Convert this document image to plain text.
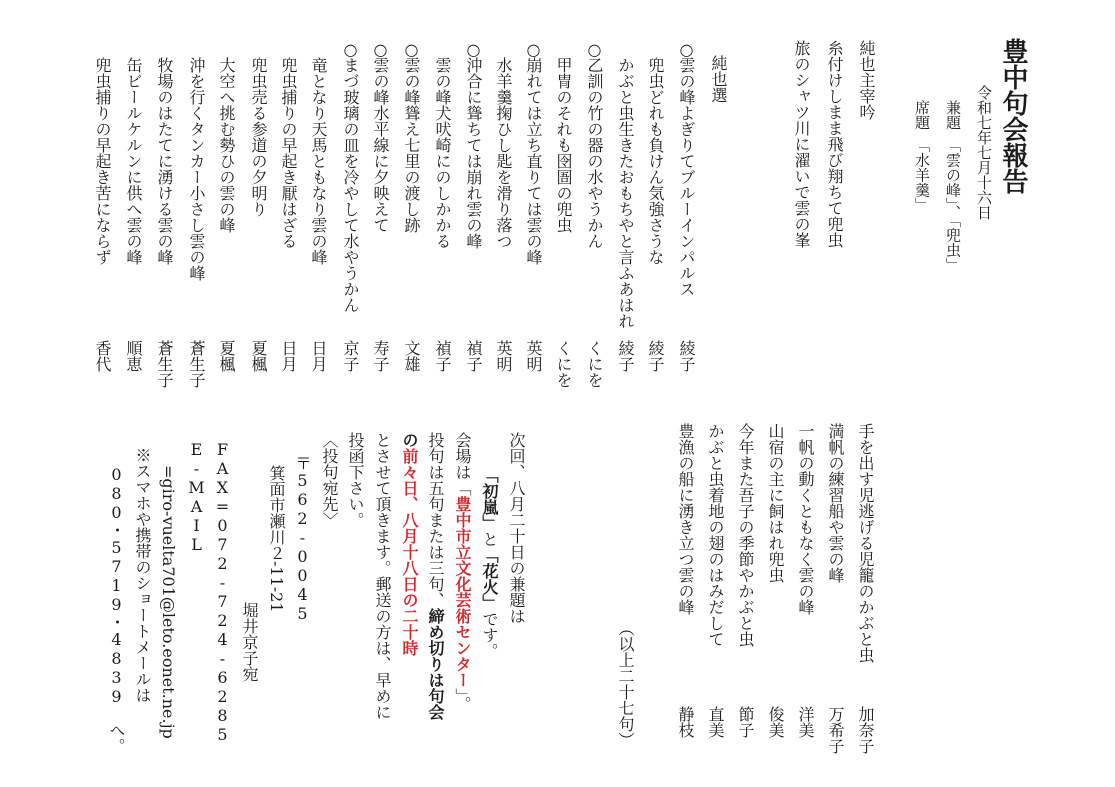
豊中句会報告
令和七年七月十六日
兼題　「雲の峰」、「兜虫」
席題　「水羊羹」
純也主宰吟
糸付けしまま飛び翔ちて兜虫
旅のシャツ川に濯いで雲の峯
純也選
○
雲の峰よぎりてブルーインパルス
綾子
兜虫どれも負けん気強さうな
綾子
かぶと虫生きたおもちやと言ふあはれ
綾子
○
乙訓の竹の器の水やうかん
くにを
甲冑のそれも囹圄の兜虫
くにを
○
崩れては立ち直りては雲の峰
英明
水羊羹掬ひし匙を滑り落つ
英明
○
沖合に聳ちては崩れ雲の峰
禎子
雲の峰犬吠崎にのしかかる
禎子
○
雲の峰聳え七里の渡し跡
文雄
○
雲の峰水平線に夕映えて
寿子
○
まづ玻璃の皿を冷やして水やうかん
京子
竜となり天馬ともなり雲の峰
日月
兜虫捕りの早起き厭はざる
日月
兜虫売る参道の夕明り
夏楓
大空へ挑む勢ひの雲の峰
夏楓
沖を行くタンカー小さし雲の峰
蒼生子
牧場のはたてに湧ける雲の峰
蒼生子
缶ビールケルンに供へ雲の峰
順恵
兜虫捕りの早起き苦にならず
香代
手を出す児逃げる児籠のかぶと虫
加奈子
満帆の練習船や雲の峰
万希子
一帆の動くともなく雲の峰
洋美
山宿の主に飼はれ兜虫
俊美
今年また吾子の季節やかぶと虫
節子
かぶと虫着地の翅のはみだして
直美
豊漁の船に湧き立つ雲の峰
静枝
（以上二十七句）
次回、八月二十日の兼題は
「初嵐」と「花火」です。
会場は「豊中市立文化芸術センター」。
投句は五句または三句、締め切りは句会
の前々日、八月十八日の二十時
とさせて頂きます。郵送の方は、早めに
投函下さい。
〈投句宛先〉
〒562-0045
箕面市瀬川２-11-21
堀井京子宛
FAX=072-724-6285
E-MAIL
=giro-vuelta701@leto.eonet.ne.jp
※スマホや携帯のショートメールは
080・5719・4839　へ。
